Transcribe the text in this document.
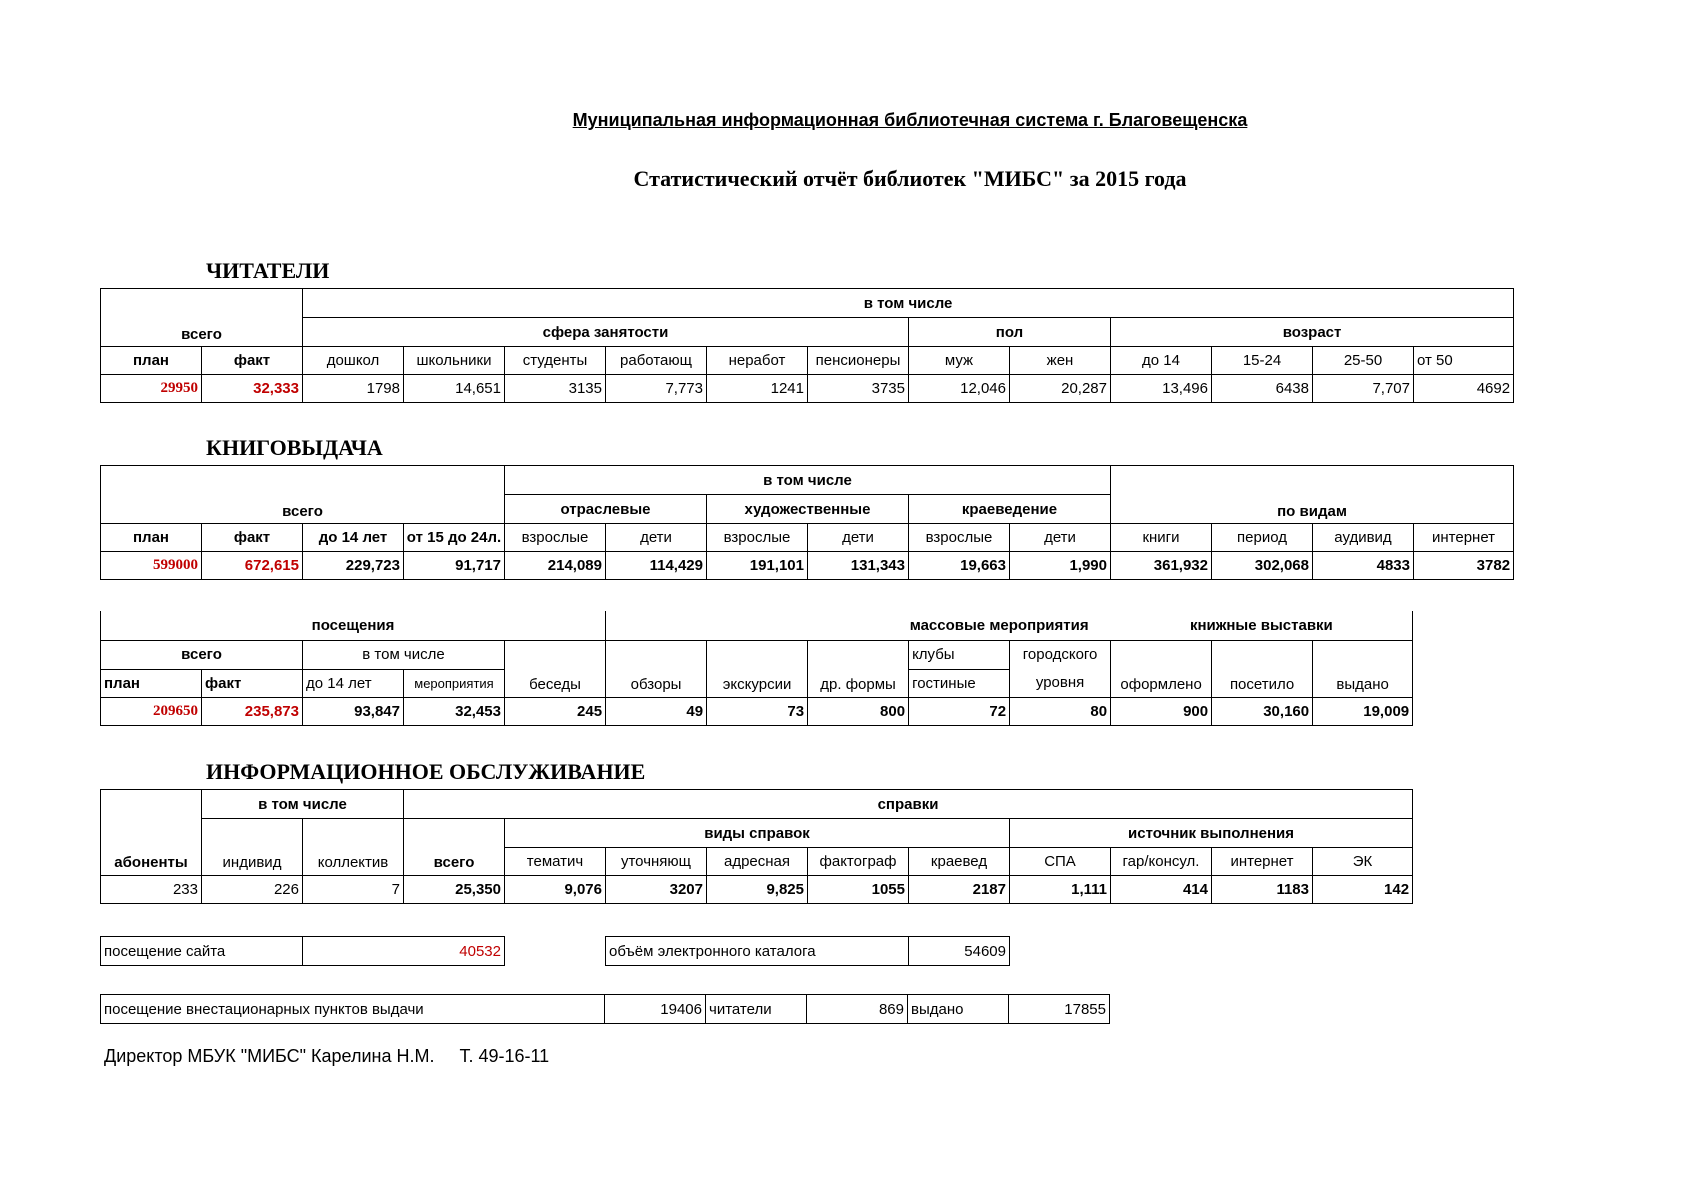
Муниципальная информационная библиотечная система г. Благовещенска
Статистический отчёт библиотек "МИБС" за 2015 года
ЧИТАТЕЛИ
всего		в том числе											
		сфера занятости						пол		возраст			
план	факт	дошкол	школьники	студенты	работающ	неработ	пенсионеры	муж	жен	до 14	15-24	25-50	от 50
29950	32,333	1798	14,651	3135	7,773	1241	3735	12,046	20,287	13,496	6438	7,707	4692
КНИГОВЫДАЧА
всего				в том числе						по видам			
				отраслевые		художественные		краеведение					
план	факт	до 14 лет	от 15 до 24л.	взрослые	дети	взрослые	дети	взрослые	дети	книги	период	аудивид	интернет
599000	672,615	229,723	91,717	214,089	114,429	191,101	131,343	19,663	1,990	361,932	302,068	4833	3782
посещения					массовые мероприятия					книжные выставки		
всего		в том числе		беседы	обзоры	экскурсии	др. формы	клубы	городского	оформлено	посетило	выдано
план	факт	до 14 лет	мероприятия					гостиные	уровня			
209650	235,873	93,847	32,453	245	49	73	800	72	80	900	30,160	19,009
ИНФОРМАЦИОННОЕ ОБСЛУЖИВАНИЕ
абоненты	в том числе		справки									
	индивид	коллектив	всего	виды справок					источник выполнения			
				тематич	уточняющ	адресная	фактограф	краевед	СПА	гар/консул.	интернет	ЭК
233	226	7	25,350	9,076	3207	9,825	1055	2187	1,111	414	1183	142
посещение сайта	40532	объём электронного каталога	54609
посещение внестационарных пунктов выдачи	19406	читатели	869	выдано	17855
Директор МБУК "МИБС" Карелина Н.М.     Т. 49-16-11
